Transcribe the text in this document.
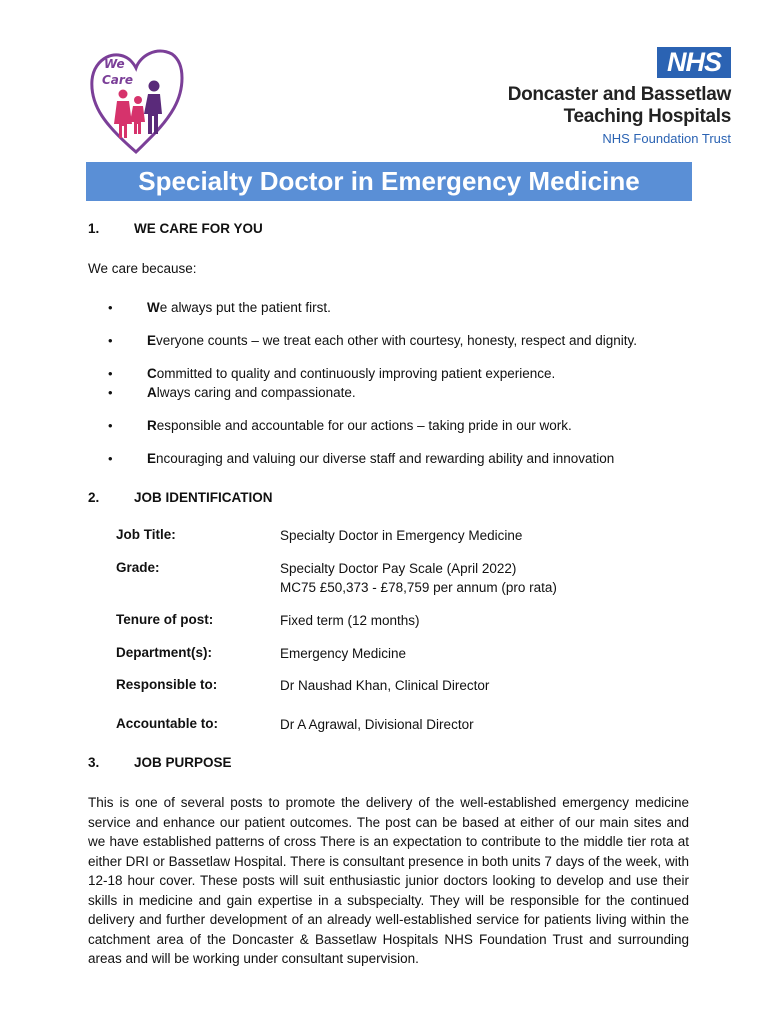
We
Care
NHS
Doncaster and Bassetlaw
Teaching Hospitals
NHS Foundation Trust
Specialty Doctor in Emergency Medicine
1.	WE CARE FOR YOU
We care because:
•	We always put the patient first.
•	Everyone counts – we treat each other with courtesy, honesty, respect and dignity.
•	Committed to quality and continuously improving patient experience.
•	Always caring and compassionate.
•	Responsible and accountable for our actions – taking pride in our work.
•	Encouraging and valuing our diverse staff and rewarding ability and innovation
2.	JOB IDENTIFICATION
Job Title:	Specialty Doctor in Emergency Medicine
Grade:	Specialty Doctor Pay Scale (April 2022)
MC75 £50,373 - £78,759 per annum (pro rata)
Tenure of post:	Fixed term (12 months)
Department(s):	Emergency Medicine
Responsible to:	Dr Naushad Khan, Clinical Director
Accountable to:	Dr A Agrawal, Divisional Director
3.	JOB PURPOSE
This is one of several posts to promote the delivery of the well-established emergency medicine service and enhance our patient outcomes. The post can be based at either of our main sites and we have established patterns of cross There is an expectation to contribute to the middle tier rota at either DRI or Bassetlaw Hospital. There is consultant presence in both units 7 days of the week, with 12-18 hour cover. These posts will suit enthusiastic junior doctors looking to develop and use their skills in medicine and gain expertise in a subspecialty. They will be responsible for the continued delivery and further development of an already well-established service for patients living within the catchment area of the Doncaster & Bassetlaw Hospitals NHS Foundation Trust and surrounding areas and will be working under consultant supervision.
